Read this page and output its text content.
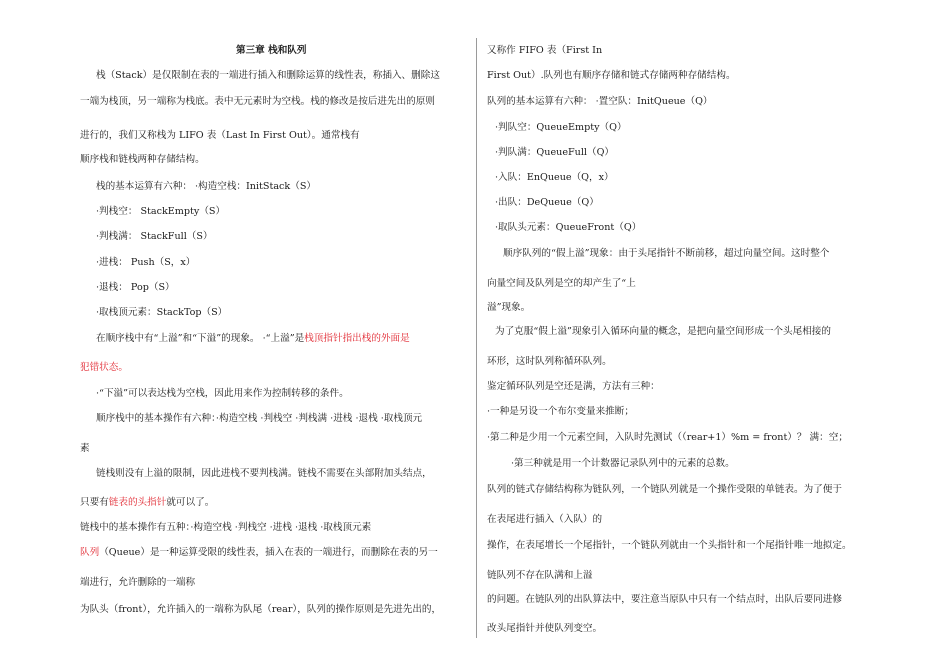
第三章 栈和队列
栈（Stack）是仅限制在表的一端进行插入和删除运算的线性表，称插入、删除这
一端为栈顶，另一端称为栈底。表中无元素时为空栈。栈的修改是按后进先出的原则
进行的，我们又称栈为 LIFO 表（Last In First Out）。通常栈有
顺序栈和链栈两种存储结构。
栈的基本运算有六种： ·构造空栈：InitStack（S）
·判栈空： StackEmpty（S）
·判栈满： StackFull（S）
·进栈： Push（S，x）
·退栈： Pop（S）
·取栈顶元素：StackTop（S）
在顺序栈中有“上溢”和“下溢”的现象。 ·“上溢”是栈顶指针指出栈的外面是
犯错状态。
·“下溢”可以表达栈为空栈，因此用来作为控制转移的条件。
顺序栈中的基本操作有六种：·构造空栈 ·判栈空 ·判栈满 ·进栈 ·退栈 ·取栈顶元
素
链栈则没有上溢的限制，因此进栈不要判栈满。链栈不需要在头部附加头结点，
只要有链表的头指针就可以了。
链栈中的基本操作有五种：·构造空栈 ·判栈空 ·进栈 ·退栈 ·取栈顶元素
队列（Queue）是一种运算受限的线性表，插入在表的一端进行，而删除在表的另一
端进行，允许删除的一端称
为队头（front），允许插入的一端称为队尾（rear），队列的操作原则是先进先出的，
又称作 FIFO 表（First In
First Out）.队列也有顺序存储和链式存储两种存储结构。
队列的基本运算有六种： ·置空队：InitQueue（Q）
·判队空：QueueEmpty（Q）
·判队满：QueueFull（Q）
·入队：EnQueue（Q，x）
·出队：DeQueue（Q）
·取队头元素：QueueFront（Q）
顺序队列的“假上溢”现象：由于头尾指针不断前移，超过向量空间。这时整个
向量空间及队列是空的却产生了“上
溢”现象。
为了克服“假上溢”现象引入循环向量的概念，是把向量空间形成一个头尾相接的
环形，这时队列称循环队列。
鉴定循环队列是空还是满，方法有三种：
·一种是另设一个布尔变量来推断；
·第二种是少用一个元素空间，入队时先测试（（rear+1）%m = front）？ 满：空；
·第三种就是用一个计数器记录队列中的元素的总数。
队列的链式存储结构称为链队列，一个链队列就是一个操作受限的单链表。为了便于
在表尾进行插入（入队）的
操作，在表尾增长一个尾指针，一个链队列就由一个头指针和一个尾指针唯一地拟定。
链队列不存在队满和上溢
的问题。在链队列的出队算法中，要注意当原队中只有一个结点时，出队后要同进修
改头尾指针并使队列变空。
